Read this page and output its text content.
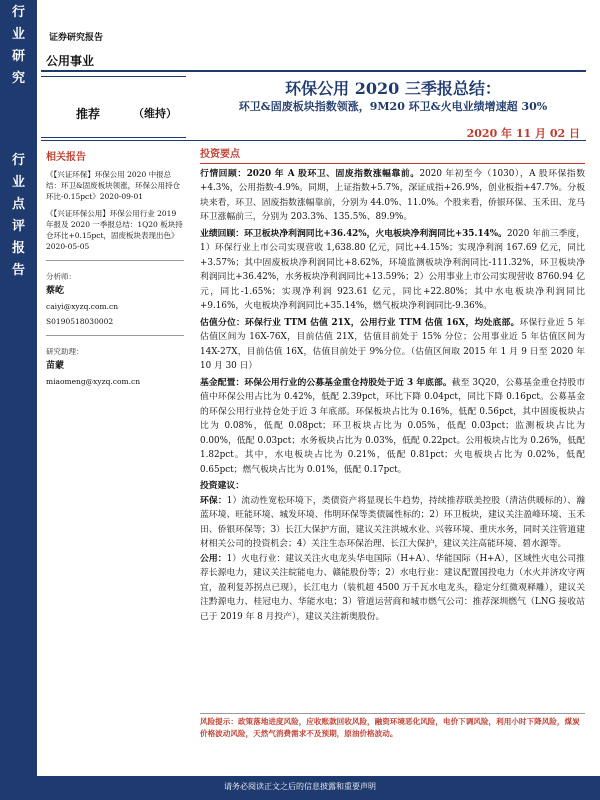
行
业
研
究
行
业
点
评
报
告
证券研究报告
公用事业
推荐	（维持）
环保公用 2020 三季报总结：
环卫&固废板块指数领涨，9M20 环卫&火电业绩增速超 30%
2020 年 11 月 02 日
相关报告
《【兴证环保】环保公用 2020 中报总结：环卫&固废板块领涨，环保公用持仓环比-0.15pct》2020-09-01
《【兴证环保公用】环保公用行业 2019 年报及 2020 一季报总结：1Q20 板块持仓环比+0.15pct，固废板块表现出色》2020-05-05
分析师：
蔡屹
caiyi@xyzq.com.cn
S0190518030002
研究助理：
苗蒙
miaomeng@xyzq.com.cn
投资要点

行情回顾：2020 年 A 股环卫、固废指数涨幅靠前。2020 年初至今（1030），A 股环保指数+4.3%，公用指数-4.9%。同期，上证指数+5.7%，深证成指+26.9%，创业板指+47.7%。分板块来看，环卫、固废指数涨幅靠前，分别为 44.0%、11.0%。个股来看，侨银环保、玉禾田、龙马环卫涨幅前三，分别为 203.3%、135.5%、89.9%。

业绩回顾：环卫板块净利润同比+36.42%，火电板块净利润同比+35.14%。2020 年前三季度，1）环保行业上市公司实现营收 1,638.80 亿元，同比+4.15%；实现净利润 167.69 亿元，同比+3.57%；其中固废板块净利润同比+8.62%，环境监测板块净利润同比-111.32%，环卫板块净利润同比+36.42%，水务板块净利润同比+13.59%；2）公用事业上市公司实现营收 8760.94 亿元，同比-1.65%；实现净利润 923.61 亿元，同比+22.80%；其中水电板块净利润同比+9.16%，火电板块净利润同比+35.14%，燃气板块净利润同比-9.36%。

估值分位：环保行业 TTM 估值 21X，公用行业 TTM 估值 16X，均处底部。环保行业近 5 年估值区间为 16X-76X，目前估值 21X，估值目前处于 15% 分位；公用事业近 5 年估值区间为 14X-27X，目前估值 16X，估值目前处于 9%分位。（估值区间取 2015 年 1 月 9 日至 2020 年 10 月 30 日）

基金配置：环保公用行业的公募基金重仓持股处于近 3 年底部。截至 3Q20，公募基金重仓持股市值中环保公用占比为 0.42%，低配 2.39pct，环比下降 0.04pct，同比下降 0.16pct。公募基金的环保公用行业持仓处于近 3 年底部。环保板块占比为 0.16%，低配 0.56pct，其中固废板块占比为 0.08%，低配 0.08pct；环卫板块占比为 0.05%，低配 0.03pct；监测板块占比为 0.00%，低配 0.03pct；水务板块占比为 0.03%，低配 0.22pct。公用板块占比为 0.26%，低配 1.82pct。其中，水电板块占比为 0.21%，低配 0.81pct；火电板块占比为 0.02%，低配 0.65pct；燃气板块占比为 0.01%，低配 0.17pct。

投资建议：

环保：1）流动性宽松环境下，类债资产将显现长牛趋势，持续推荐联美控股（清洁供暖标的）、瀚蓝环境、旺能环境、城发环境、伟明环保等类债属性标的；2）环卫板块，建议关注盈峰环境、玉禾田、侨银环保等；3）长江大保护方面，建议关注洪城水业、兴蓉环境、重庆水务，同时关注管道建材相关公司的投资机会；4）关注生态环保治理、长江大保护，建议关注高能环境、碧水源等。

公用：1）火电行业：建议关注火电龙头华电国际（H+A）、华能国际（H+A），区域性火电公司推荐长源电力，建议关注皖能电力、赣能股份等；2）水电行业：建议配置国投电力（水火并济攻守两宜，盈利复苏拐点已现），长江电力（装机超 4500 万千瓦水电龙头，稳定分红微观释雕），建议关注黔源电力、桂冠电力、华能水电；3）管道运营商和城市燃气公司：推荐深圳燃气（LNG 接收站已于 2019 年 8 月投产），建议关注新奥股份。

风险提示：政策落地进度风险，应收账款回收风险，融资环境恶化风险，电价下调风险，利用小时下降风险，煤炭价格波动风险，天然气消费需求不及预期，原油价格波动。
请务必阅读正文之后的信息披露和重要声明
